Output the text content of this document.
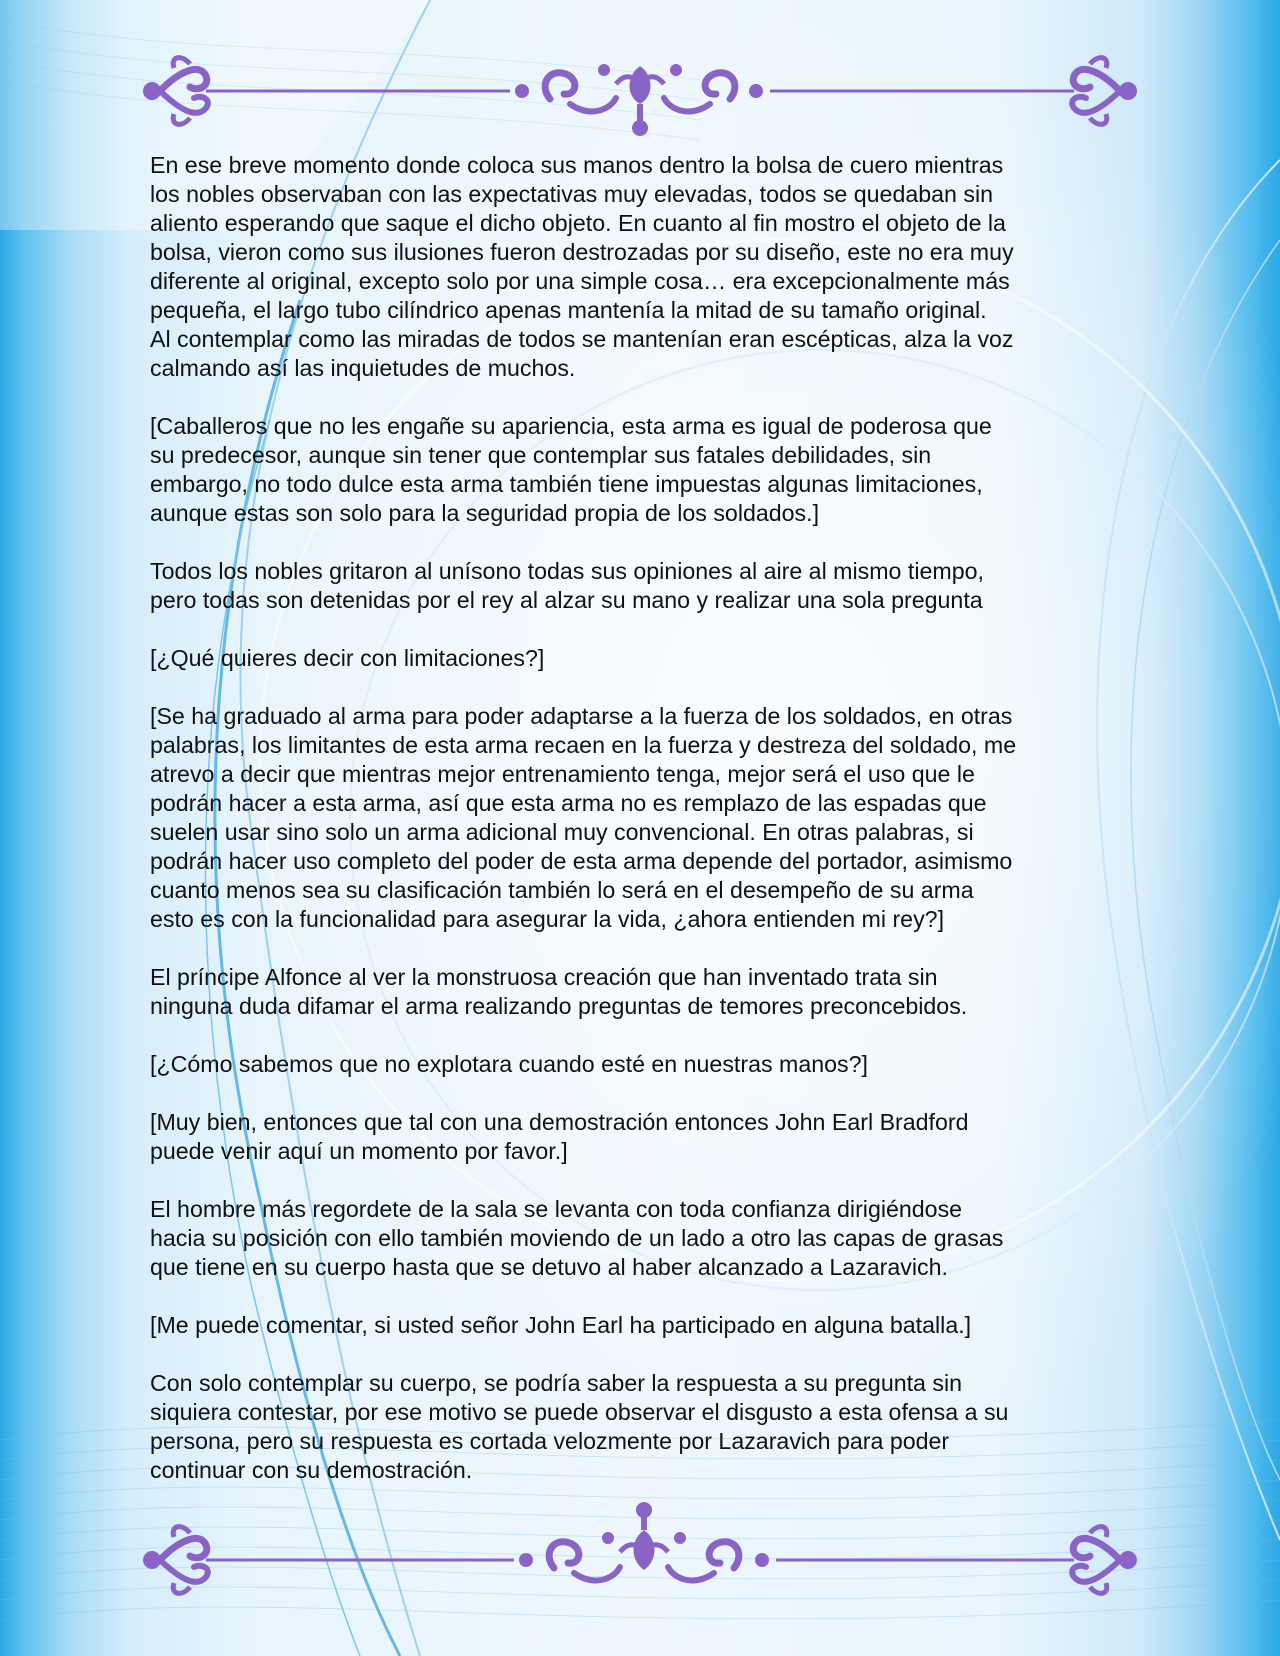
En ese breve momento donde coloca sus manos dentro la bolsa de cuero mientras
los nobles observaban con las expectativas muy elevadas, todos se quedaban sin
aliento esperando que saque el dicho objeto. En cuanto al fin mostro el objeto de la
bolsa, vieron como sus ilusiones fueron destrozadas por su diseño, este no era muy
diferente al original, excepto solo por una simple cosa… era excepcionalmente más
pequeña, el largo tubo cilíndrico apenas mantenía la mitad de su tamaño original.
Al contemplar como las miradas de todos se mantenían eran escépticas, alza la voz
calmando así las inquietudes de muchos.

[Caballeros que no les engañe su apariencia, esta arma es igual de poderosa que
su predecesor, aunque sin tener que contemplar sus fatales debilidades, sin
embargo, no todo dulce esta arma también tiene impuestas algunas limitaciones,
aunque estas son solo para la seguridad propia de los soldados.]

Todos los nobles gritaron al unísono todas sus opiniones al aire al mismo tiempo,
pero todas son detenidas por el rey al alzar su mano y realizar una sola pregunta

[¿Qué quieres decir con limitaciones?]

[Se ha graduado al arma para poder adaptarse a la fuerza de los soldados, en otras
palabras, los limitantes de esta arma recaen en la fuerza y destreza del soldado, me
atrevo a decir que mientras mejor entrenamiento tenga, mejor será el uso que le
podrán hacer a esta arma, así que esta arma no es remplazo de las espadas que
suelen usar sino solo un arma adicional muy convencional. En otras palabras, si
podrán hacer uso completo del poder de esta arma depende del portador, asimismo
cuanto menos sea su clasificación también lo será en el desempeño de su arma
esto es con la funcionalidad para asegurar la vida, ¿ahora entienden mi rey?]

El príncipe Alfonce al ver la monstruosa creación que han inventado trata sin
ninguna duda difamar el arma realizando preguntas de temores preconcebidos.

[¿Cómo sabemos que no explotara cuando esté en nuestras manos?]

[Muy bien, entonces que tal con una demostración entonces John Earl Bradford
puede venir aquí un momento por favor.]

El hombre más regordete de la sala se levanta con toda confianza dirigiéndose
hacia su posición con ello también moviendo de un lado a otro las capas de grasas
que tiene en su cuerpo hasta que se detuvo al haber alcanzado a Lazaravich.

[Me puede comentar, si usted señor John Earl ha participado en alguna batalla.]

Con solo contemplar su cuerpo, se podría saber la respuesta a su pregunta sin
siquiera contestar, por ese motivo se puede observar el disgusto a esta ofensa a su
persona, pero su respuesta es cortada velozmente por Lazaravich para poder
continuar con su demostración.
